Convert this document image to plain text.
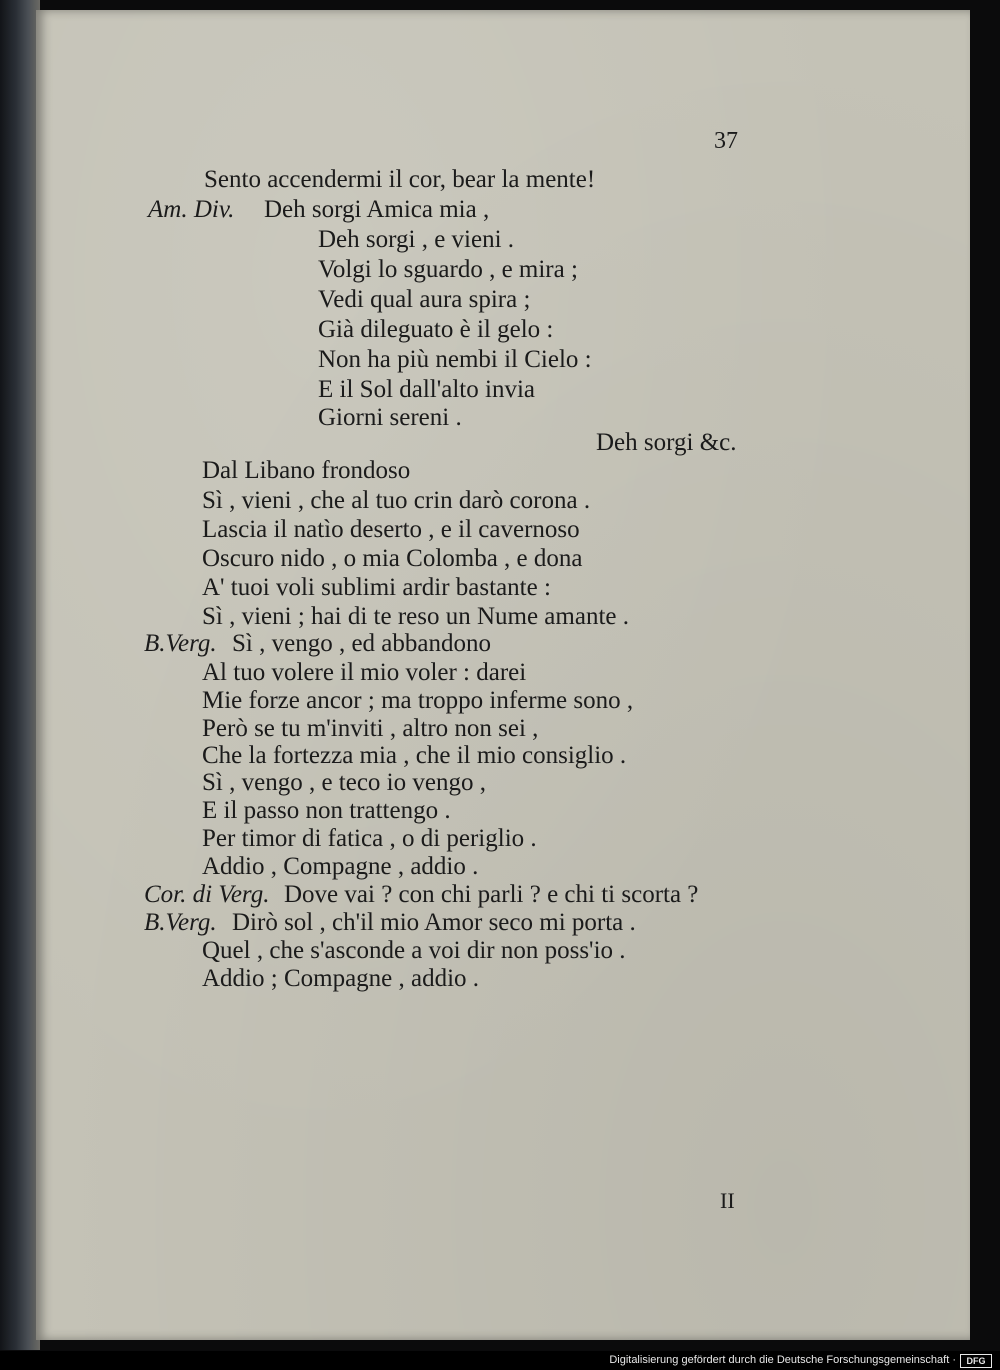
37
Sento accendermi il cor, bear la mente!
Am. Div. Deh sorgi Amica mia ,
Deh sorgi , e vieni .
Volgi lo sguardo , e mira ;
Vedi qual aura spira ;
Già dileguato è il gelo :
Non ha più nembi il Cielo :
E il Sol dall'alto invia
Giorni sereni .
Deh sorgi &c.
Dal Libano frondoso
Sì , vieni , che al tuo crin darò corona .
Lascia il natìo deserto , e il cavernoso
Oscuro nido , o mia Colomba , e dona
A' tuoi voli sublimi ardir bastante :
Sì , vieni ; hai di te reso un Nume amante .
B.Verg. Sì , vengo , ed abbandono
Al tuo volere il mio voler : darei
Mie forze ancor ; ma troppo inferme sono ,
Però se tu m'inviti , altro non sei ,
Che la fortezza mia , che il mio consiglio .
Sì , vengo , e teco io vengo ,
E il passo non trattengo .
Per timor di fatica , o di periglio .
Addio , Compagne , addio .
Cor. di Verg. Dove vai ? con chi parli ? e chi ti scorta ?
B.Verg. Dirò sol , ch'il mio Amor seco mi porta .
Quel , che s'asconde a voi dir non poss'io .
Addio ; Compagne , addio .
II
Digitalisierung gefördert durch die Deutsche Forschungsgemeinschaft ·	DFG
